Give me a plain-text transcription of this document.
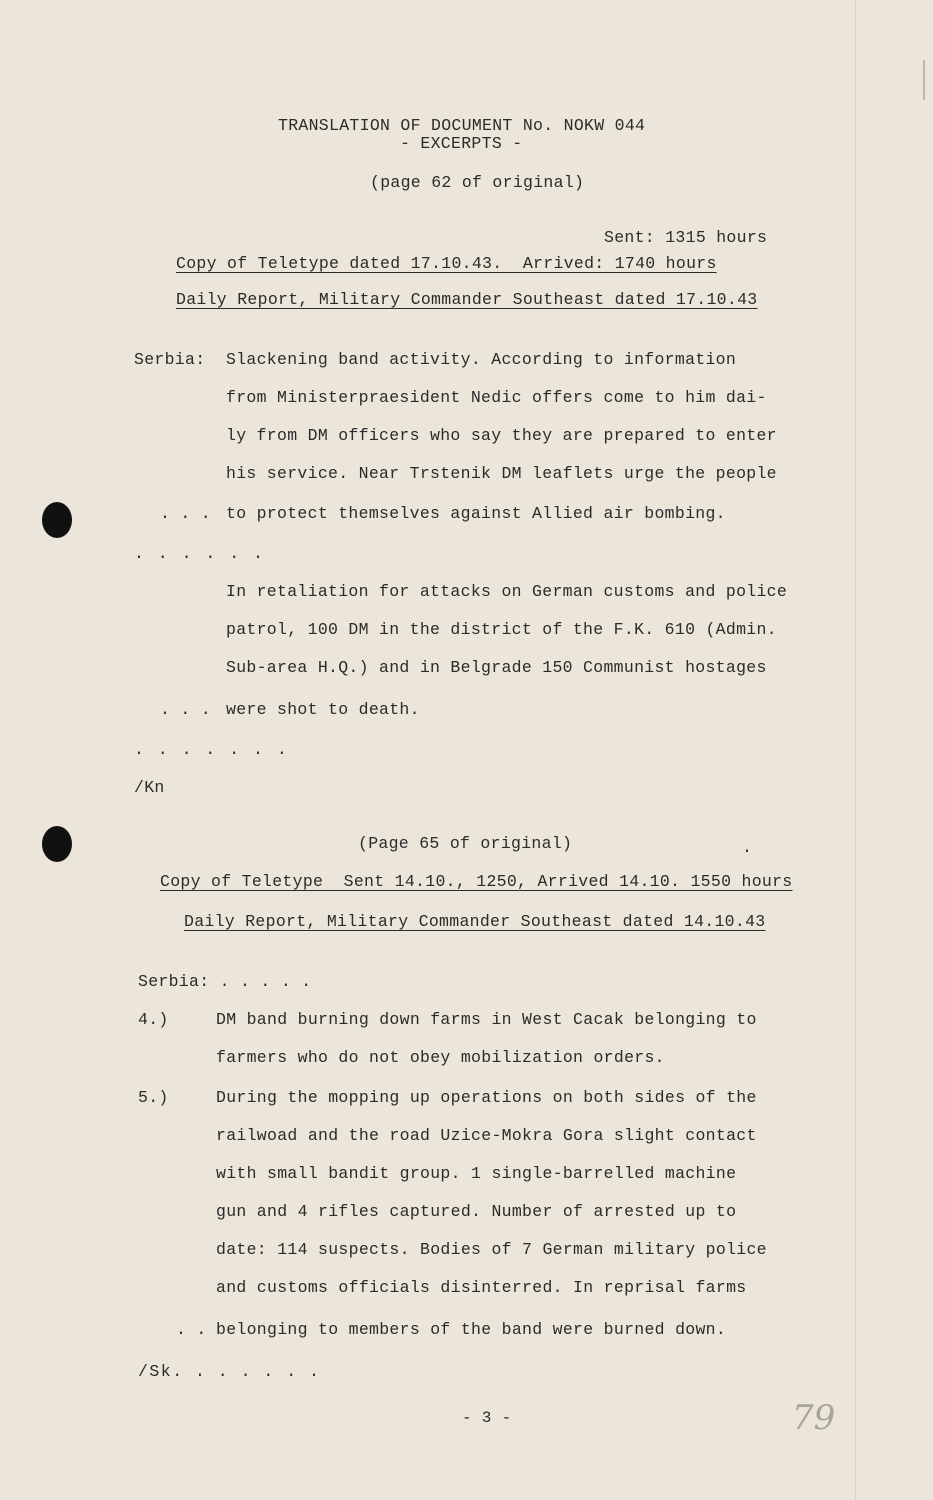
TRANSLATION OF DOCUMENT No. NOKW 044
- EXCERPTS -
(page 62 of original)
Sent: 1315 hours
Copy of Teletype dated 17.10.43.  Arrived: 1740 hours
Daily Report, Military Commander Southeast dated 17.10.43
Serbia: Slackening band activity. According to information
from Ministerpraesident Nedic offers come to him dai-
ly from DM officers who say they are prepared to enter
his service. Near Trstenik DM leaflets urge the people
. . . to protect themselves against Allied air bombing.
. . . . . .
In retaliation for attacks on German customs and police
patrol, 100 DM in the district of the F.K. 610 (Admin.
Sub-area H.Q.) and in Belgrade 150 Communist hostages
. . . were shot to death.
. . . . . . .
/Kn
(Page 65 of original)	.
Copy of Teletype  Sent 14.10., 1250, Arrived 14.10. 1550 hours
Daily Report, Military Commander Southeast dated 14.10.43
Serbia: . . . . .
4.)	DM band burning down farms in West Cacak belonging to
farmers who do not obey mobilization orders.
5.)	During the mopping up operations on both sides of the
railwoad and the road Uzice-Mokra Gora slight contact
with small bandit group. 1 single-barrelled machine
gun and 4 rifles captured. Number of arrested up to
date: 114 suspects. Bodies of 7 German military police
and customs officials disinterred. In reprisal farms
. . belonging to members of the band were burned down.
/Sk. . . . . . .
- 3 -	79
